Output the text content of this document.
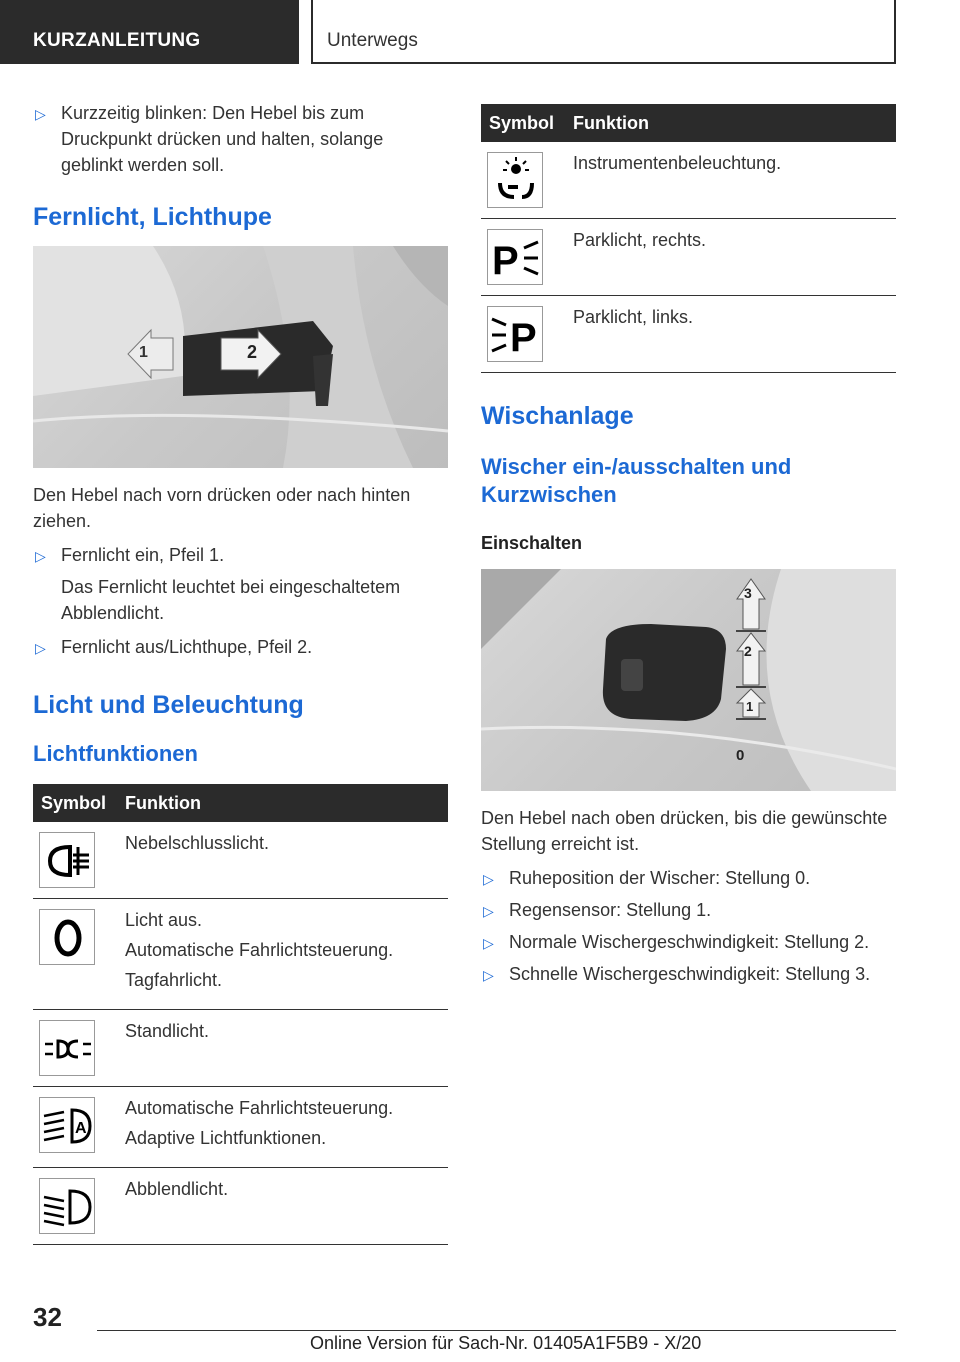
KURZANLEITUNG	Unterwegs
▷ Kurzzeitig blinken: Den Hebel bis zum Druckpunkt drücken und halten, solange geblinkt werden soll.
Fernlicht, Lichthupe
1	2
Den Hebel nach vorn drücken oder nach hinten ziehen.
▷ Fernlicht ein, Pfeil 1.
Das Fernlicht leuchtet bei eingeschaltetem Abblendlicht.
▷ Fernlicht aus/Lichthupe, Pfeil 2.
Licht und Beleuchtung
Lichtfunktionen
Symbol	Funktion

Nebelschlusslicht.

Licht aus.
Automatische Fahrlichtsteuerung.
Tagfahrlicht.

Standlicht.

A	Automatische Fahrlichtsteuerung.
Adaptive Lichtfunktionen.

Abblendlicht.
Symbol	Funktion

Instrumentenbeleuchtung.

P	Parklicht, rechts.

P	Parklicht, links.
Wischanlage
Wischer ein-/ausschalten und Kurzwischen
Einschalten
3
2
1
0
Den Hebel nach oben drücken, bis die gewünschte Stellung erreicht ist.
▷ Ruheposition der Wischer: Stellung 0.
▷ Regensensor: Stellung 1.
▷ Normale Wischergeschwindigkeit: Stellung 2.
▷ Schnelle Wischergeschwindigkeit: Stellung 3.
32
Online Version für Sach-Nr. 01405A1F5B9 - X/20
